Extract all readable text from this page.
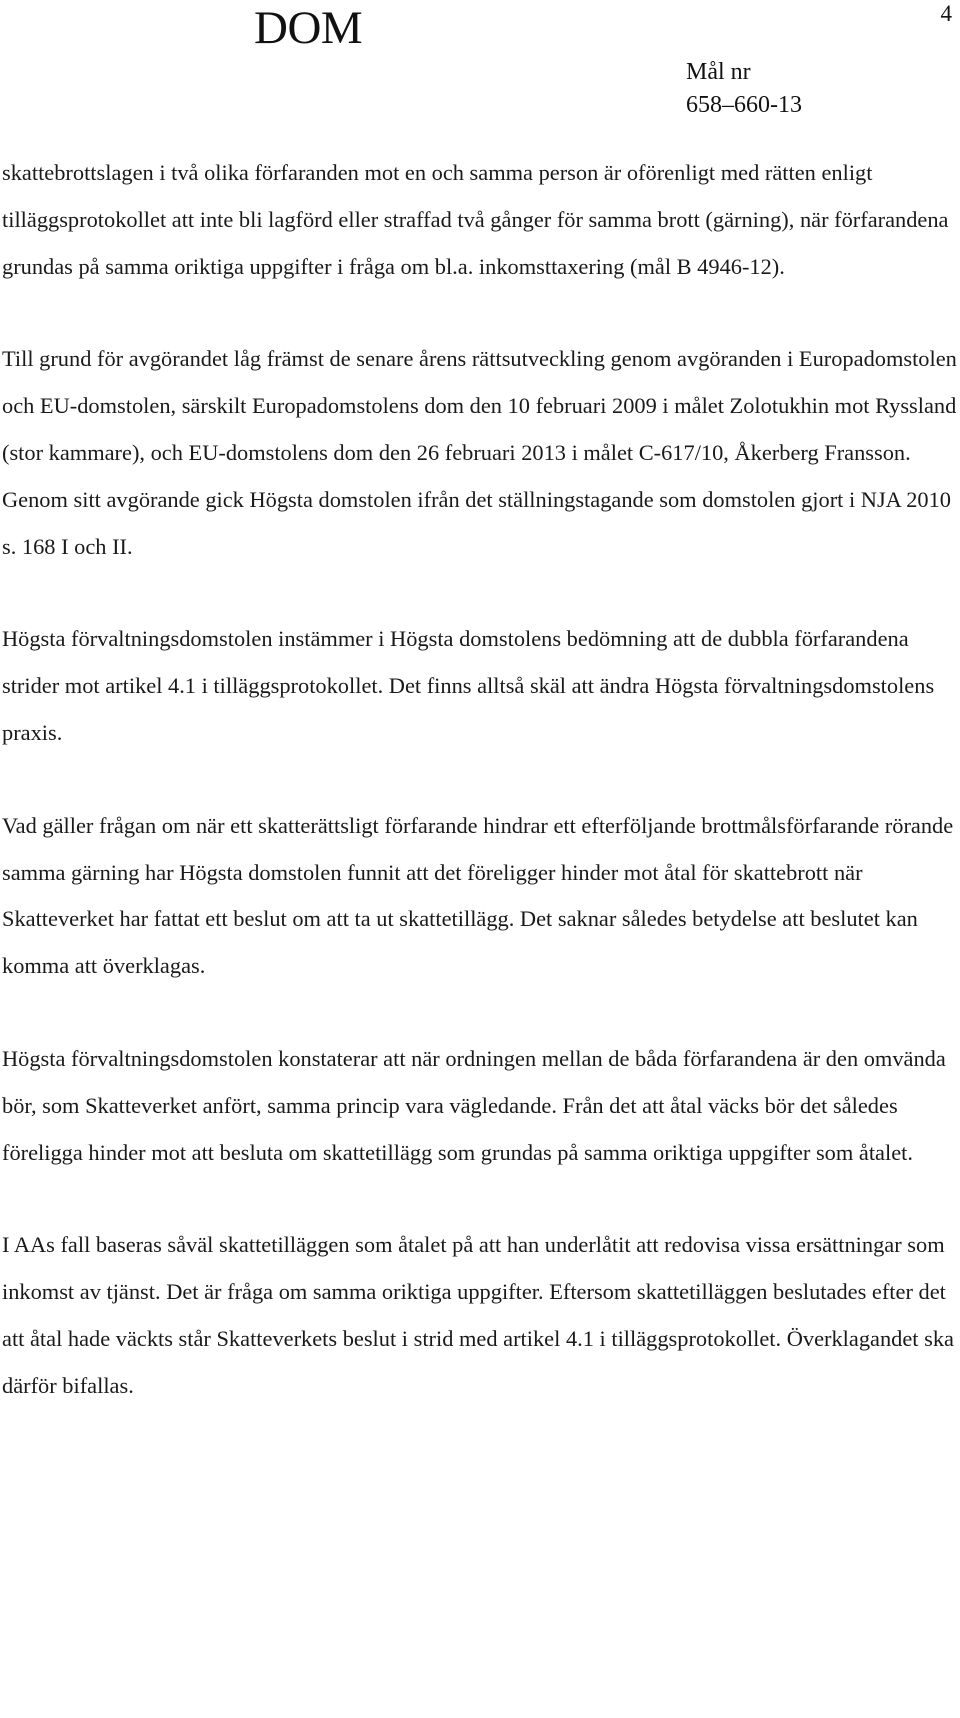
DOM	4
Mål nr
658–660-13

skattebrottslagen i två olika förfaranden mot en och samma person är oförenligt med rätten enligt tilläggsprotokollet att inte bli lagförd eller straffad två gånger för samma brott (gärning), när förfarandena grundas på samma oriktiga uppgifter i fråga om bl.a. inkomsttaxering (mål B 4946-12).

Till grund för avgörandet låg främst de senare årens rättsutveckling genom avgöranden i Europadomstolen och EU-domstolen, särskilt Europadomstolens dom den 10 februari 2009 i målet Zolotukhin mot Ryssland (stor kammare), och EU-domstolens dom den 26 februari 2013 i målet C-617/10, Åkerberg Fransson. Genom sitt avgörande gick Högsta domstolen ifrån det ställningstagande som domstolen gjort i NJA 2010 s. 168 I och II.

Högsta förvaltningsdomstolen instämmer i Högsta domstolens bedömning att de dubbla förfarandena strider mot artikel 4.1 i tilläggsprotokollet. Det finns alltså skäl att ändra Högsta förvaltningsdomstolens praxis.

Vad gäller frågan om när ett skatterättsligt förfarande hindrar ett efterföljande brottmålsförfarande rörande samma gärning har Högsta domstolen funnit att det föreligger hinder mot åtal för skattebrott när Skatteverket har fattat ett beslut om att ta ut skattetillägg. Det saknar således betydelse att beslutet kan komma att överklagas.

Högsta förvaltningsdomstolen konstaterar att när ordningen mellan de båda förfarandena är den omvända bör, som Skatteverket anfört, samma princip vara vägledande. Från det att åtal väcks bör det således föreligga hinder mot att besluta om skattetillägg som grundas på samma oriktiga uppgifter som åtalet.

I AAs fall baseras såväl skattetilläggen som åtalet på att han underlåtit att redovisa vissa ersättningar som inkomst av tjänst. Det är fråga om samma oriktiga uppgifter. Eftersom skattetilläggen beslutades efter det att åtal hade väckts står Skatteverkets beslut i strid med artikel 4.1 i tilläggsprotokollet. Överklagandet ska därför bifallas.
